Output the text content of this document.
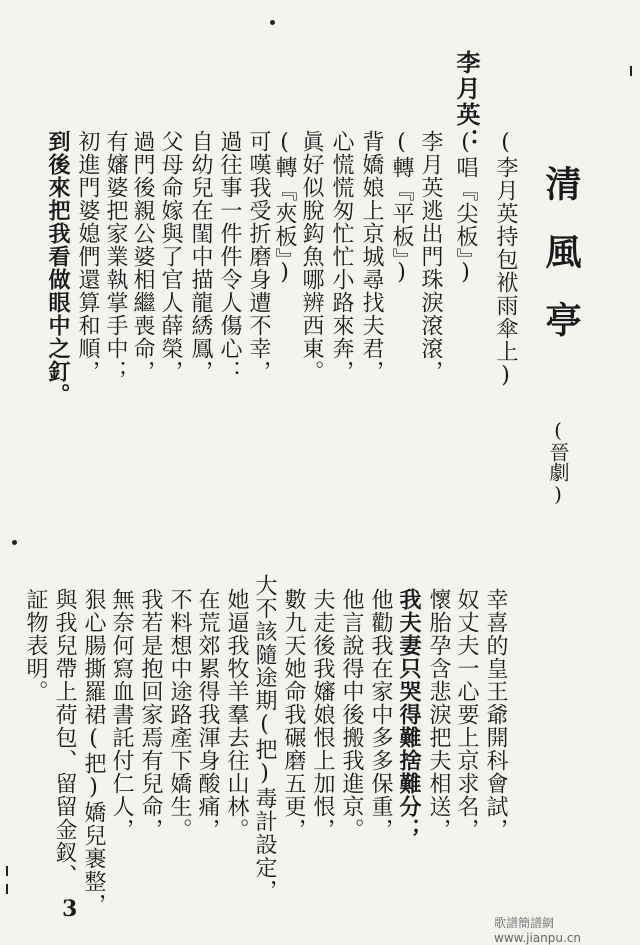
清風亭
(晉劇)
李月英：
(李月英持包袱雨傘上)
(唱『尖板』)
李月英逃出門珠淚滾滾，
(轉『平板』)
背嬌娘上京城尋找夫君，
心慌慌匆忙忙小路來奔，
眞好似脫鈎魚哪辨西東。
(轉『夾板』)
可嘆我受折磨身遭不幸，
過往事一件件令人傷心：
自幼兒在閨中描龍綉鳳，
父母命嫁與了官人薛榮，
過門後親公婆相繼喪命，
有嬸婆把家業執掌手中；
初進門婆媳們還算和順，
到後來把我看做眼中之釘。
幸喜的皇王爺開科會試，
奴丈夫一心要上京求名，
懷胎孕含悲淚把夫相送，
我夫妻只哭得難捨難分；
他勸我在家中多多保重，
他言說得中後搬我進京。
夫走後我嬸娘恨上加恨，
數九天她命我碾磨五更，
大不該隨途期(把)毒計設定，
她逼我牧羊羣去往山林。
在荒郊累得我渾身酸痛，
不料想中途路產下嬌生。
我若是抱回家焉有兒命，
無奈何寫血書託付仁人，
狠心腸撕羅裙(把)嬌兒裹整，
與我兒帶上荷包、留留金釵、
証物表明。
3
歌譜簡譜網 www.jianpu.cn
